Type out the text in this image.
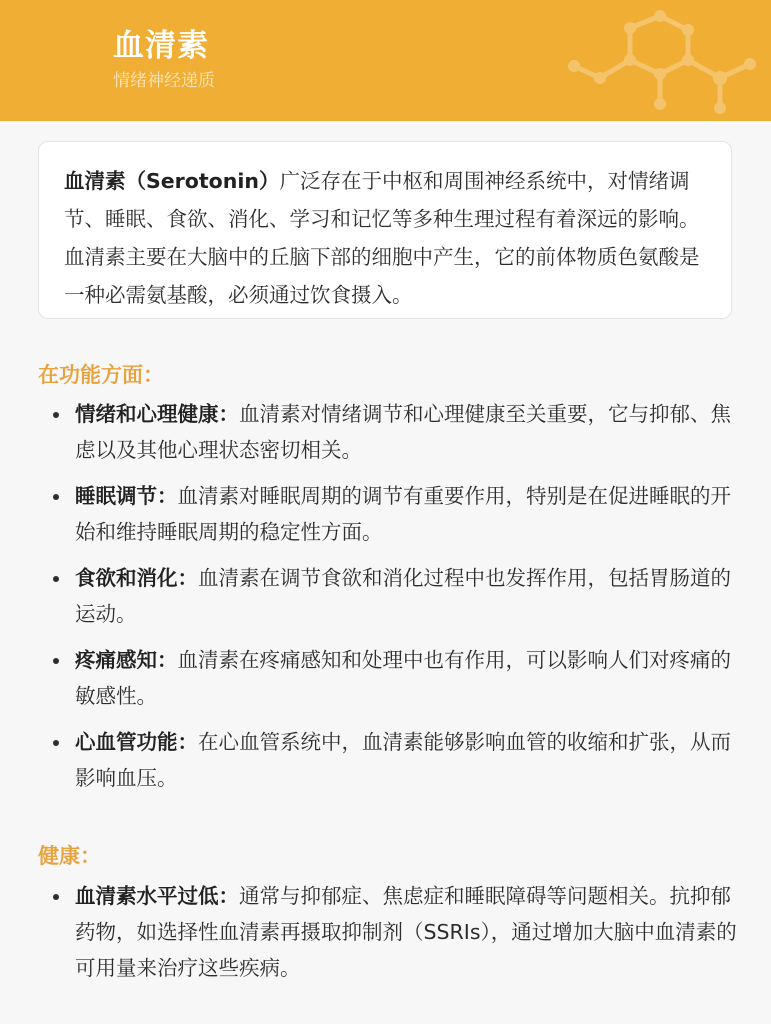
血清素
情绪神经递质
血清素（Serotonin）广泛存在于中枢和周围神经系统中，对情绪调节、睡眠、食欲、消化、学习和记忆等多种生理过程有着深远的影响。血清素主要在大脑中的丘脑下部的细胞中产生，它的前体物质色氨酸是一种必需氨基酸，必须通过饮食摄入。
在功能方面：
情绪和心理健康：血清素对情绪调节和心理健康至关重要，它与抑郁、焦虑以及其他心理状态密切相关。
睡眠调节：血清素对睡眠周期的调节有重要作用，特别是在促进睡眠的开始和维持睡眠周期的稳定性方面。
食欲和消化：血清素在调节食欲和消化过程中也发挥作用，包括胃肠道的运动。
疼痛感知：血清素在疼痛感知和处理中也有作用，可以影响人们对疼痛的敏感性。
心血管功能：在心血管系统中，血清素能够影响血管的收缩和扩张，从而影响血压。
健康：
血清素水平过低：通常与抑郁症、焦虑症和睡眠障碍等问题相关。抗抑郁药物，如选择性血清素再摄取抑制剂（SSRIs），通过增加大脑中血清素的可用量来治疗这些疾病。
